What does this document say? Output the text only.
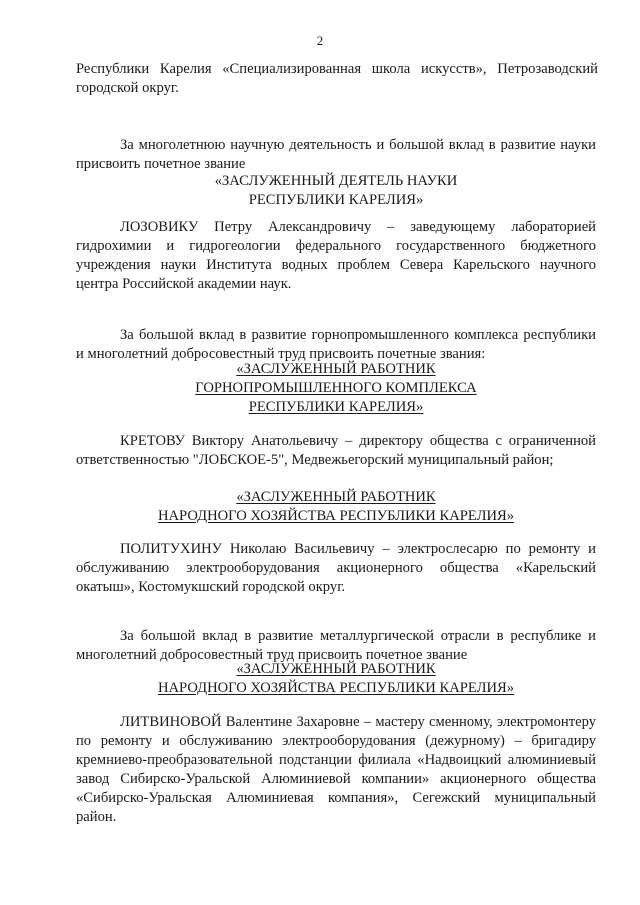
2

Республики Карелия «Специализированная школа искусств», Петрозаводский городской округ.

За многолетнюю научную деятельность и большой вклад в развитие науки присвоить почетное звание

«ЗАСЛУЖЕННЫЙ ДЕЯТЕЛЬ НАУКИ
РЕСПУБЛИКИ КАРЕЛИЯ»

ЛОЗОВИКУ Петру Александровичу – заведующему лабораторией гидрохимии и гидрогеологии федерального государственного бюджетного учреждения науки Института водных проблем Севера Карельского научного центра Российской академии наук.

За большой вклад в развитие горнопромышленного комплекса республики и многолетний добросовестный труд присвоить почетные звания:

«ЗАСЛУЖЕННЫЙ РАБОТНИК
ГОРНОПРОМЫШЛЕННОГО КОМПЛЕКСА
РЕСПУБЛИКИ КАРЕЛИЯ»

КРЕТОВУ Виктору Анатольевичу – директору общества с ограниченной ответственностью "ЛОБСКОЕ-5", Медвежьегорский муниципальный район;

«ЗАСЛУЖЕННЫЙ РАБОТНИК
НАРОДНОГО ХОЗЯЙСТВА РЕСПУБЛИКИ КАРЕЛИЯ»

ПОЛИТУХИНУ Николаю Васильевичу – электрослесарю по ремонту и обслуживанию электрооборудования акционерного общества «Карельский окатыш», Костомукшский городской округ.

За большой вклад в развитие металлургической отрасли в республике и многолетний добросовестный труд присвоить почетное звание

«ЗАСЛУЖЕННЫЙ РАБОТНИК
НАРОДНОГО ХОЗЯЙСТВА РЕСПУБЛИКИ КАРЕЛИЯ»

ЛИТВИНОВОЙ Валентине Захаровне – мастеру сменному, электромонтеру по ремонту и обслуживанию электрооборудования (дежурному) – бригадиру кремниево-преобразовательной подстанции филиала «Надвоицкий алюминиевый завод Сибирско-Уральской Алюминиевой компании» акционерного общества «Сибирско-Уральская Алюминиевая компания», Сегежский муниципальный район.
